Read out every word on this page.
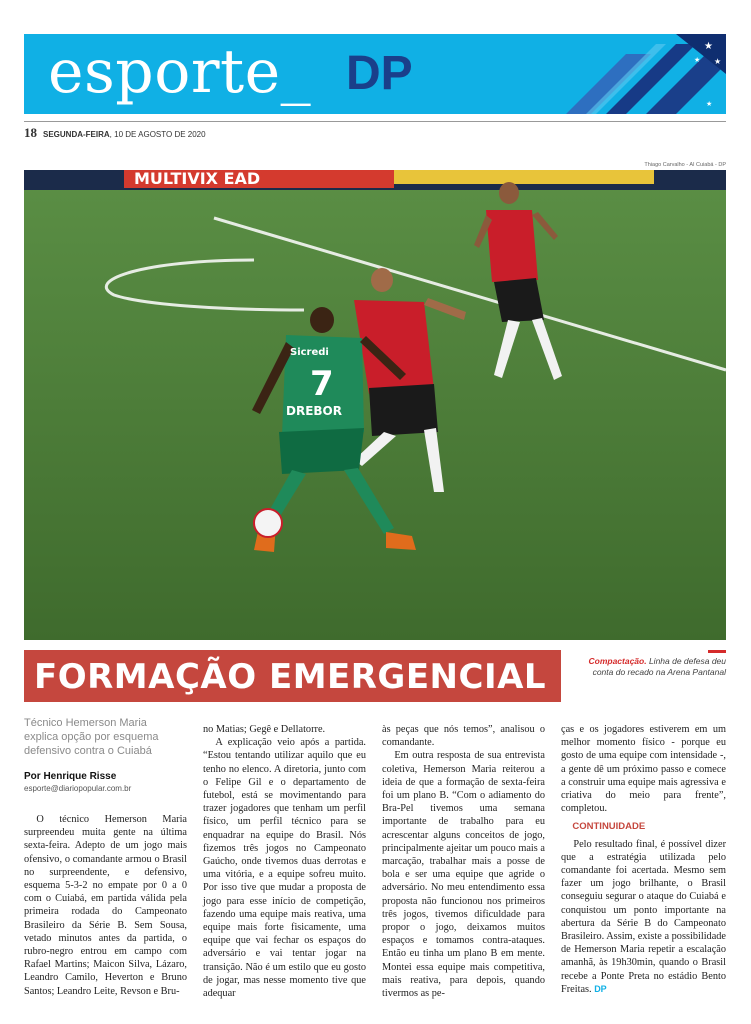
esporte_ DP
★
★
★
★
18 SEGUNDA-FEIRA, 10 DE AGOSTO DE 2020
Thiago Carvalho - AI Cuiabá - DP
MULTIVIX EAD
Sicredi
7
DREBOR
FORMAÇÃO EMERGENCIAL	Compactação. Linha de defesa deu conta do recado na Arena Pantanal
Técnico Hemerson Maria explica opção por esquema defensivo contra o Cuiabá
Por Henrique Risse
esporte@diariopopular.com.br

O técnico Hemerson Maria surpreendeu muita gente na última sexta-feira. Adepto de um jogo mais ofensivo, o comandante armou o Brasil no surpreendente, e defensivo, esquema 5-3-2 no empate por 0 a 0 com o Cuiabá, em partida válida pela primeira rodada do Campeonato Brasileiro da Série B. Sem Sousa, vetado minutos antes da partida, o rubro-negro entrou em campo com Rafael Martins; Maicon Silva, Lázaro, Leandro Camilo, Heverton e Bruno Santos; Leandro Leite, Revson e Bru-

no Matias; Gegê e Dellatorre.

A explicação veio após a partida. “Estou tentando utilizar aquilo que eu tenho no elenco. A diretoria, junto com o Felipe Gil e o departamento de futebol, está se movimentando para trazer jogadores que tenham um perfil físico, um perfil técnico para se enquadrar na equipe do Brasil. Nós fizemos três jogos no Campeonato Gaúcho, onde tivemos duas derrotas e uma vitória, e a equipe sofreu muito. Por isso tive que mudar a proposta de jogo para esse início de competição, fazendo uma equipe mais reativa, uma equipe mais forte fisicamente, uma equipe que vai fechar os espaços do adversário e vai tentar jogar na transição. Não é um estilo que eu gosto de jogar, mas nesse momento tive que adequar

às peças que nós temos”, analisou o comandante.

Em outra resposta de sua entrevista coletiva, Hemerson Maria reiterou a ideia de que a formação de sexta-feira foi um plano B. “Com o adiamento do Bra-Pel tivemos uma semana importante de trabalho para eu acrescentar alguns conceitos de jogo, principalmente ajeitar um pouco mais a marcação, trabalhar mais a posse de bola e ser uma equipe que agride o adversário. No meu entendimento essa proposta não funcionou nos primeiros três jogos, tivemos dificuldade para propor o jogo, deixamos muitos espaços e tomamos contra-ataques. Então eu tinha um plano B em mente. Montei essa equipe mais competitiva, mais reativa, para depois, quando tivermos as pe-

ças e os jogadores estiverem em um melhor momento físico - porque eu gosto de uma equipe com intensidade -, a gente dê um próximo passo e comece a construir uma equipe mais agressiva e criativa do meio para frente”, completou.

CONTINUIDADE

Pelo resultado final, é possível dizer que a estratégia utilizada pelo comandante foi acertada. Mesmo sem fazer um jogo brilhante, o Brasil conseguiu segurar o ataque do Cuiabá e conquistou um ponto importante na abertura da Série B do Campeonato Brasileiro. Assim, existe a possibilidade de Hemerson Maria repetir a escalação amanhã, às 19h30min, quando o Brasil recebe a Ponte Preta no estádio Bento Freitas. DP
